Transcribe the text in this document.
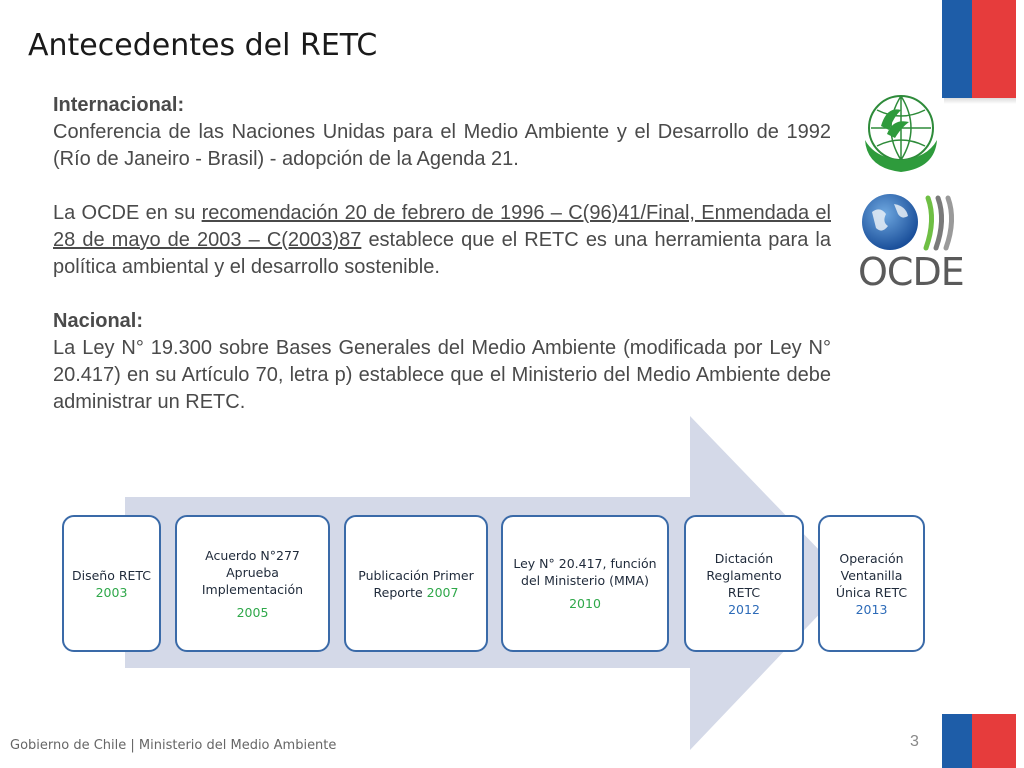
Antecedentes del RETC
Internacional:

Conferencia de las Naciones Unidas para el Medio Ambiente y el Desarrollo de 1992 (Río de Janeiro - Brasil) - adopción de la Agenda 21.

La OCDE en su recomendación 20 de febrero de 1996 – C(96)41/Final, Enmendada el 28 de mayo de 2003 – C(2003)87 establece que el RETC es una herramienta para la política ambiental y el desarrollo sostenible.

Nacional:

La Ley N° 19.300 sobre Bases Generales del Medio Ambiente (modificada por Ley N° 20.417) en su Artículo 70, letra p) establece que el Ministerio del Medio Ambiente debe administrar un RETC.

OCDE
Diseño RETC 2003
Acuerdo N°277 Aprueba Implementación
2005
Publicación Primer Reporte 2007
Ley N° 20.417, función del Ministerio (MMA)
2010
Dictación Reglamento RETC
2012
Operación Ventanilla Única RETC
2013
Gobierno de Chile | Ministerio del Medio Ambiente	3
